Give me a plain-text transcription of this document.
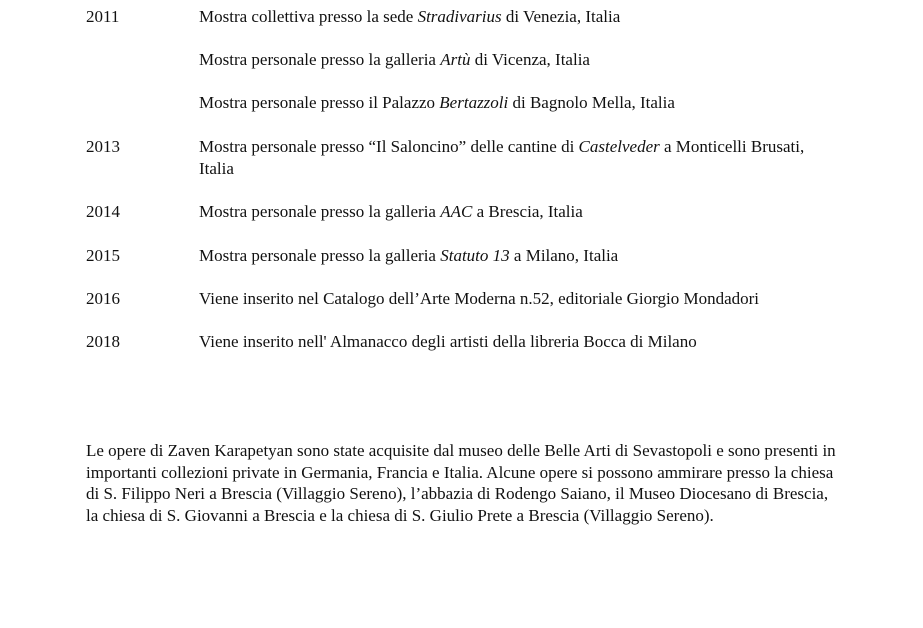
2011	Mostra collettiva presso la sede Stradivarius di Venezia, Italia
Mostra personale presso la galleria Artù di Vicenza, Italia
Mostra personale presso il Palazzo Bertazzoli di Bagnolo Mella, Italia
2013	Mostra personale presso “Il Saloncino” delle cantine di Castelveder a Monticelli Brusati, Italia
2014	Mostra personale presso la galleria AAC a Brescia, Italia
2015	Mostra personale presso la galleria Statuto 13 a Milano, Italia
2016	Viene inserito nel Catalogo dell’Arte Moderna n.52, editoriale Giorgio Mondadori
2018	Viene inserito nell' Almanacco degli artisti della libreria Bocca di Milano

Le opere di Zaven Karapetyan sono state acquisite dal museo delle Belle Arti di Sevastopoli e sono presenti in importanti collezioni private in Germania, Francia e Italia. Alcune opere si possono ammirare presso la chiesa di S. Filippo Neri a Brescia (Villaggio Sereno), l’abbazia di Rodengo Saiano, il Museo Diocesano di Brescia, la chiesa di S. Giovanni a Brescia e la chiesa di S. Giulio Prete a Brescia (Villaggio Sereno).
